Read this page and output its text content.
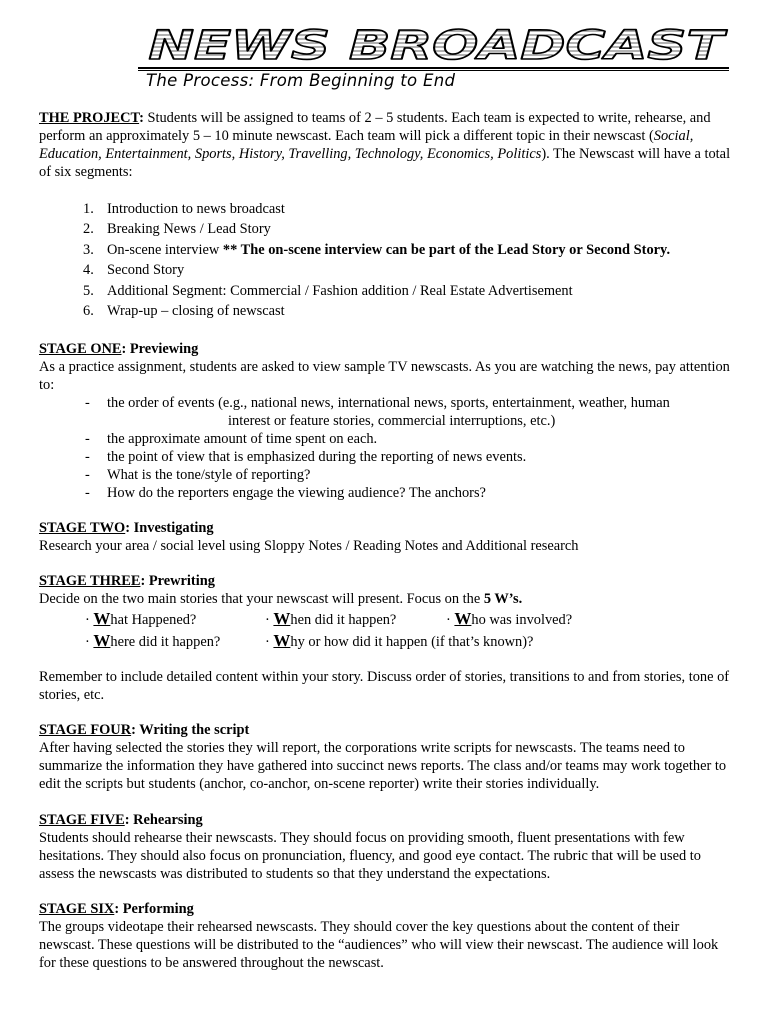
NEWS BROADCAST
The Process: From Beginning to End

THE PROJECT: Students will be assigned to teams of 2 – 5 students. Each team is expected to write, rehearse, and perform an approximately 5 – 10 minute newscast. Each team will pick a different topic in their newscast (Social, Education, Entertainment, Sports, History, Travelling, Technology, Economics, Politics). The Newscast will have a total of six segments:

1. Introduction to news broadcast
2. Breaking News / Lead Story
3. On-scene interview ** The on-scene interview can be part of the Lead Story or Second Story.
4. Second Story
5. Additional Segment: Commercial / Fashion addition / Real Estate Advertisement
6. Wrap-up – closing of newscast

STAGE ONE: Previewing

As a practice assignment, students are asked to view sample TV newscasts. As you are watching the news, pay attention to:

- the order of events (e.g., national news, international news, sports, entertainment, weather, human
interest or feature stories, commercial interruptions, etc.)
- the approximate amount of time spent on each.
- the point of view that is emphasized during the reporting of news events.
- What is the tone/style of reporting?
- How do the reporters engage the viewing audience? The anchors?

STAGE TWO: Investigating

Research your area / social level using Sloppy Notes / Reading Notes and Additional research

STAGE THREE: Prewriting

Decide on the two main stories that your newscast will present. Focus on the 5 W’s.

· What Happened?	· When did it happen?	· Who was involved?
· Where did it happen?	· Why or how did it happen (if that’s known)?

Remember to include detailed content within your story. Discuss order of stories, transitions to and from stories, tone of stories, etc.

STAGE FOUR: Writing the script

After having selected the stories they will report, the corporations write scripts for newscasts. The teams need to summarize the information they have gathered into succinct news reports. The class and/or teams may work together to edit the scripts but students (anchor, co-anchor, on-scene reporter) write their stories individually.

STAGE FIVE: Rehearsing

Students should rehearse their newscasts. They should focus on providing smooth, fluent presentations with few hesitations. They should also focus on pronunciation, fluency, and good eye contact. The rubric that will be used to assess the newscasts was distributed to students so that they understand the expectations.

STAGE SIX: Performing

The groups videotape their rehearsed newscasts. They should cover the key questions about the content of their newscast. These questions will be distributed to the “audiences” who will view their newscast. The audience will look for these questions to be answered throughout the newscast.
